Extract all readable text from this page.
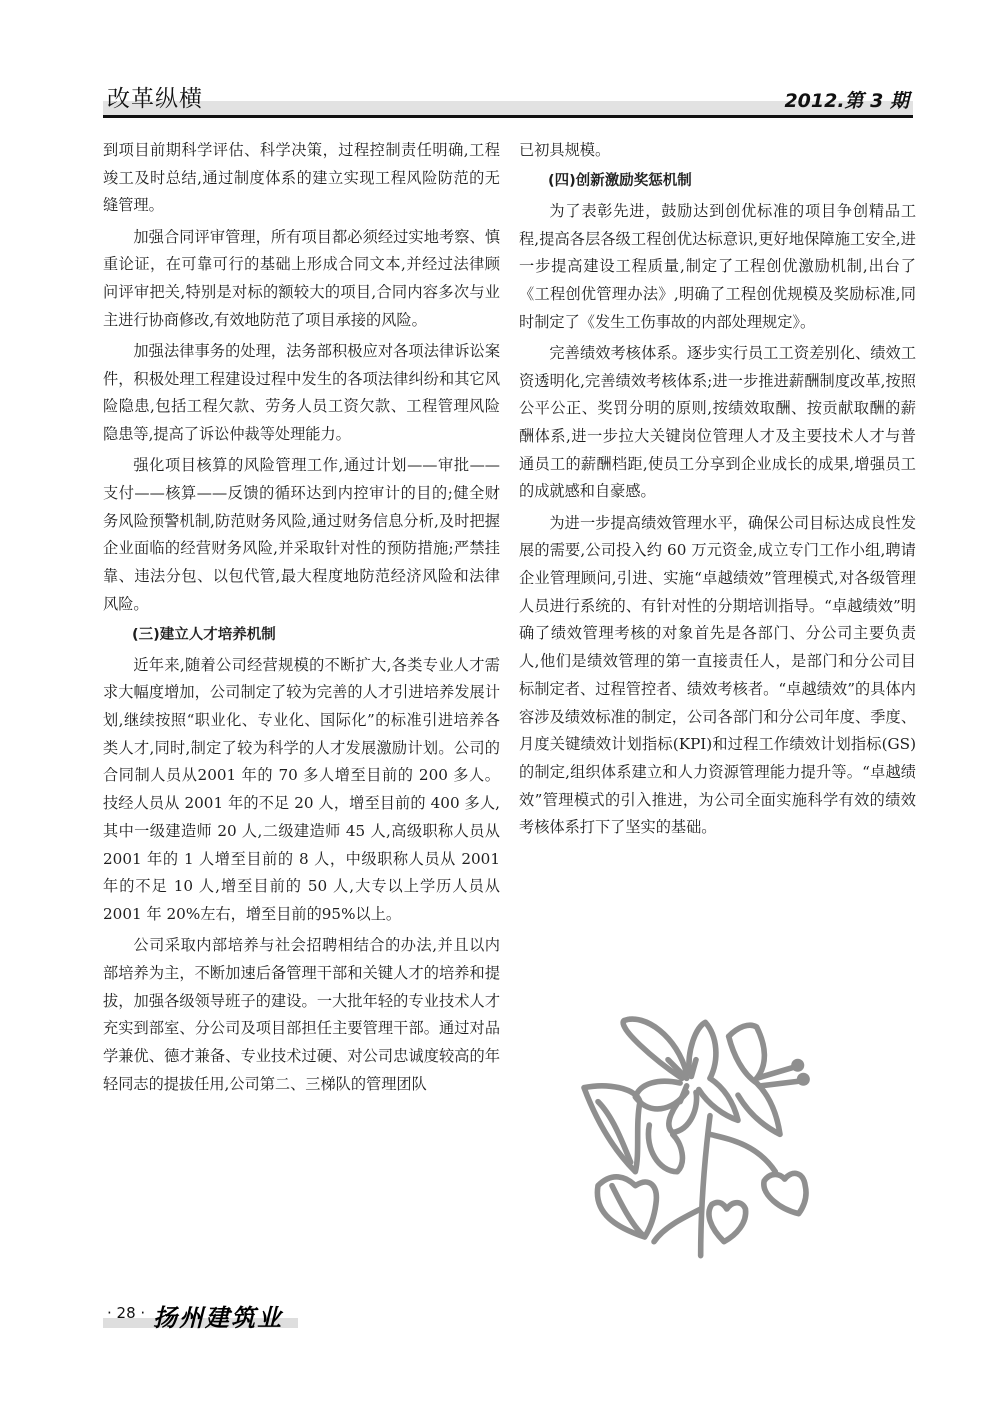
改革纵横	2012.第 3 期

到项目前期科学评估、科学决策，过程控制责任明确,工程竣工及时总结,通过制度体系的建立实现工程风险防范的无缝管理。

加强合同评审管理，所有项目都必须经过实地考察、慎重论证，在可靠可行的基础上形成合同文本,并经过法律顾问评审把关,特别是对标的额较大的项目,合同内容多次与业主进行协商修改,有效地防范了项目承接的风险。

加强法律事务的处理，法务部积极应对各项法律诉讼案件，积极处理工程建设过程中发生的各项法律纠纷和其它风险隐患,包括工程欠款、劳务人员工资欠款、工程管理风险隐患等,提高了诉讼仲裁等处理能力。

强化项目核算的风险管理工作,通过计划——审批——支付——核算——反馈的循环达到内控审计的目的;健全财务风险预警机制,防范财务风险,通过财务信息分析,及时把握企业面临的经营财务风险,并采取针对性的预防措施;严禁挂靠、违法分包、以包代管,最大程度地防范经济风险和法律风险。

(三)建立人才培养机制

近年来,随着公司经营规模的不断扩大,各类专业人才需求大幅度增加，公司制定了较为完善的人才引进培养发展计划,继续按照“职业化、专业化、国际化”的标准引进培养各类人才,同时,制定了较为科学的人才发展激励计划。公司的合同制人员从2001 年的 70 多人增至目前的 200 多人。技经人员从 2001 年的不足 20 人，增至目前的 400 多人,其中一级建造师 20 人,二级建造师 45 人,高级职称人员从 2001 年的 1 人增至目前的 8 人，中级职称人员从 2001 年的不足 10 人,增至目前的 50 人,大专以上学历人员从 2001 年 20%左右，增至目前的95%以上。

公司采取内部培养与社会招聘相结合的办法,并且以内部培养为主，不断加速后备管理干部和关键人才的培养和提拔，加强各级领导班子的建设。一大批年轻的专业技术人才充实到部室、分公司及项目部担任主要管理干部。通过对品学兼优、德才兼备、专业技术过硬、对公司忠诚度较高的年轻同志的提拔任用,公司第二、三梯队的管理团队

已初具规模。

(四)创新激励奖惩机制

为了表彰先进，鼓励达到创优标准的项目争创精品工程,提高各层各级工程创优达标意识,更好地保障施工安全,进一步提高建设工程质量,制定了工程创优激励机制,出台了《工程创优管理办法》,明确了工程创优规模及奖励标准,同时制定了《发生工伤事故的内部处理规定》。

完善绩效考核体系。逐步实行员工工资差别化、绩效工资透明化,完善绩效考核体系;进一步推进薪酬制度改革,按照公平公正、奖罚分明的原则,按绩效取酬、按贡献取酬的薪酬体系,进一步拉大关键岗位管理人才及主要技术人才与普通员工的薪酬档距,使员工分享到企业成长的成果,增强员工的成就感和自豪感。

为进一步提高绩效管理水平，确保公司目标达成良性发展的需要,公司投入约 60 万元资金,成立专门工作小组,聘请企业管理顾问,引进、实施“卓越绩效”管理模式,对各级管理人员进行系统的、有针对性的分期培训指导。“卓越绩效”明确了绩效管理考核的对象首先是各部门、分公司主要负责人,他们是绩效管理的第一直接责任人，是部门和分公司目标制定者、过程管控者、绩效考核者。“卓越绩效”的具体内容涉及绩效标准的制定，公司各部门和分公司年度、季度、月度关键绩效计划指标(KPI)和过程工作绩效计划指标(GS)的制定,组织体系建立和人力资源管理能力提升等。“卓越绩效”管理模式的引入推进，为公司全面实施科学有效的绩效考核体系打下了坚实的基础。

· 28 · 扬州建筑业
